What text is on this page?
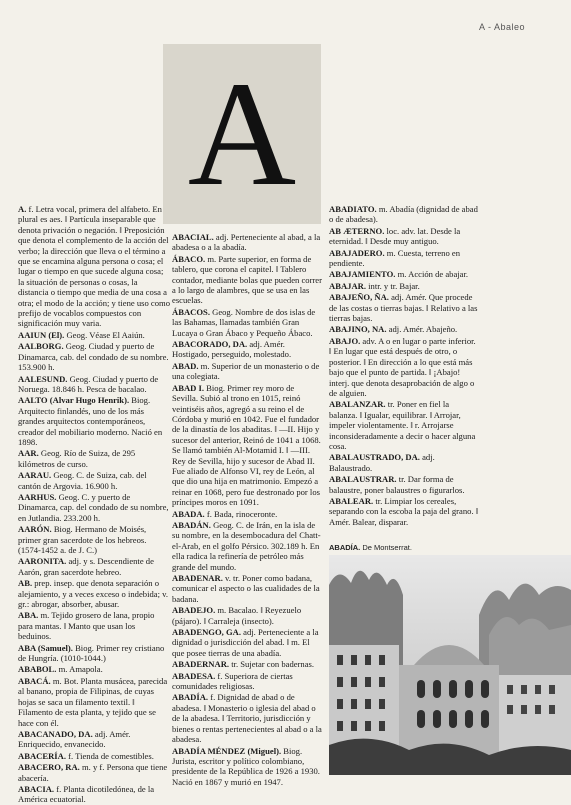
A - Abaleo
A
A. f. Letra vocal, primera del alfabeto. En plural es aes. ‖ Partícula inseparable que denota privación o negación. ‖ Preposición que denota el complemento de la acción del verbo; la dirección que lleva o el término a que se encamina alguna persona o cosa; el lugar o tiempo en que sucede alguna cosa; la situación de personas o cosas, la distancia o tiempo que media de una cosa a otra; el modo de la acción; y tiene uso como prefijo de vocablos compuestos con significación muy varia.
AAIUN (El). Geog. Véase El Aaiún.
AALBORG. Geog. Ciudad y puerto de Dinamarca, cab. del condado de su nombre. 153.900 h.
AALESUND. Geog. Ciudad y puerto de Noruega. 18.846 h. Pesca de bacalao.
AALTO (Alvar Hugo Henrik). Biog. Arquitecto finlandés, uno de los más grandes arquitectos contemporáneos, creador del mobiliario moderno. Nació en 1898.
AAR. Geog. Río de Suiza, de 295 kilómetros de curso.
AARAU. Geog. C. de Suiza, cab. del cantón de Argovia. 16.900 h.
AARHUS. Geog. C. y puerto de Dinamarca, cap. del condado de su nombre, en Jutlandia. 233.200 h.
AARÓN. Biog. Hermano de Moisés, primer gran sacerdote de los hebreos. (1574-1452 a. de J. C.)
AARONITA. adj. y s. Descendiente de Aarón, gran sacerdote hebreo.
AB. prep. insep. que denota separación o alejamiento, y a veces exceso o indebida; v. gr.: abrogar, absorber, abusar.
ABA. m. Tejido grosero de lana, propio para mantas. ‖ Manto que usan los beduinos.
ABA (Samuel). Biog. Primer rey cristiano de Hungría. (1010-1044.)
ABABOL. m. Amapola.
ABACÁ. m. Bot. Planta musácea, parecida al banano, propia de Filipinas, de cuyas hojas se saca un filamento textil. ‖ Filamento de esta planta, y tejido que se hace con él.
ABACANADO, DA. adj. Amér. Enriquecido, envanecido.
ABACERÍA. f. Tienda de comestibles.
ABACERO, RA. m. y f. Persona que tiene abacería.
ABACIA. f. Planta dicotiledónea, de la América ecuatorial.
ABACIAL. adj. Perteneciente al abad, a la abadesa o a la abadía.
ÁBACO. m. Parte superior, en forma de tablero, que corona el capitel. ‖ Tablero contador, mediante bolas que pueden correr a lo largo de alambres, que se usa en las escuelas.
ÁBACOS. Geog. Nombre de dos islas de las Bahamas, llamadas también Gran Lucaya o Gran Ábaco y Pequeño Ábaco.
ABACORADO, DA. adj. Amér. Hostigado, perseguido, molestado.
ABAD. m. Superior de un monasterio o de una colegiata.
ABAD I. Biog. Primer rey moro de Sevilla. Subió al trono en 1015, reinó veintiséis años, agregó a su reino el de Córdoba y murió en 1042. Fue el fundador de la dinastía de los abaditas. ‖ —II. Hijo y sucesor del anterior, Reinó de 1041 a 1068. Se llamó también Al-Motamid I. ‖ —III. Rey de Sevilla, hijo y sucesor de Abad II. Fue aliado de Alfonso VI, rey de León, al que dio una hija en matrimonio. Empezó a reinar en 1068, pero fue destronado por los príncipes moros en 1091.
ABADA. f. Bada, rinoceronte.
ABADÁN. Geog. C. de Irán, en la isla de su nombre, en la desembocadura del Chatt-el-Arab, en el golfo Pérsico. 302.189 h. En ella radica la refinería de petróleo más grande del mundo.
ABADENAR. v. tr. Poner como badana, comunicar el aspecto o las cualidades de la badana.
ABADEJO. m. Bacalao. ‖ Reyezuelo (pájaro). ‖ Carraleja (insecto).
ABADENGO, GA. adj. Perteneciente a la dignidad o jurisdicción del abad. ‖ m. El que posee tierras de una abadía.
ABADERNAR. tr. Sujetar con badernas.
ABADESA. f. Superiora de ciertas comunidades religiosas.
ABADÍA. f. Dignidad de abad o de abadesa. ‖ Monasterio o iglesia del abad o de la abadesa. ‖ Territorio, jurisdicción y bienes o rentas pertenecientes al abad o a la abadesa.
ABADÍA MÉNDEZ (Miguel). Biog. Jurista, escritor y político colombiano, presidente de la República de 1926 a 1930. Nació en 1867 y murió en 1947.
ABADIATO. m. Abadía (dignidad de abad o de abadesa).
AB ÆTERNO. loc. adv. lat. Desde la eternidad. ‖ Desde muy antiguo.
ABAJADERO. m. Cuesta, terreno en pendiente.
ABAJAMIENTO. m. Acción de abajar.
ABAJAR. intr. y tr. Bajar.
ABAJEÑO, ÑA. adj. Amér. Que procede de las costas o tierras bajas. ‖ Relativo a las tierras bajas.
ABAJINO, NA. adj. Amér. Abajeño.
ABAJO. adv. A o en lugar o parte inferior. ‖ En lugar que está después de otro, o posterior. ‖ En dirección a lo que está más bajo que el punto de partida. ‖ ¡Abajo! interj. que denota desaprobación de algo o de alguien.
ABALANZAR. tr. Poner en fiel la balanza. ‖ Igualar, equilibrar. ‖ Arrojar, impeler violentamente. ‖ r. Arrojarse inconsideradamente a decir o hacer alguna cosa.
ABALAUSTRADO, DA. adj. Balaustrado.
ABALAUSTRAR. tr. Dar forma de balaustre, poner balaustres o figurarlos.
ABALEAR. tr. Limpiar los cereales, separando con la escoba la paja del grano. ‖ Amér. Balear, disparar.
ABADÍA. De Montserrat.
